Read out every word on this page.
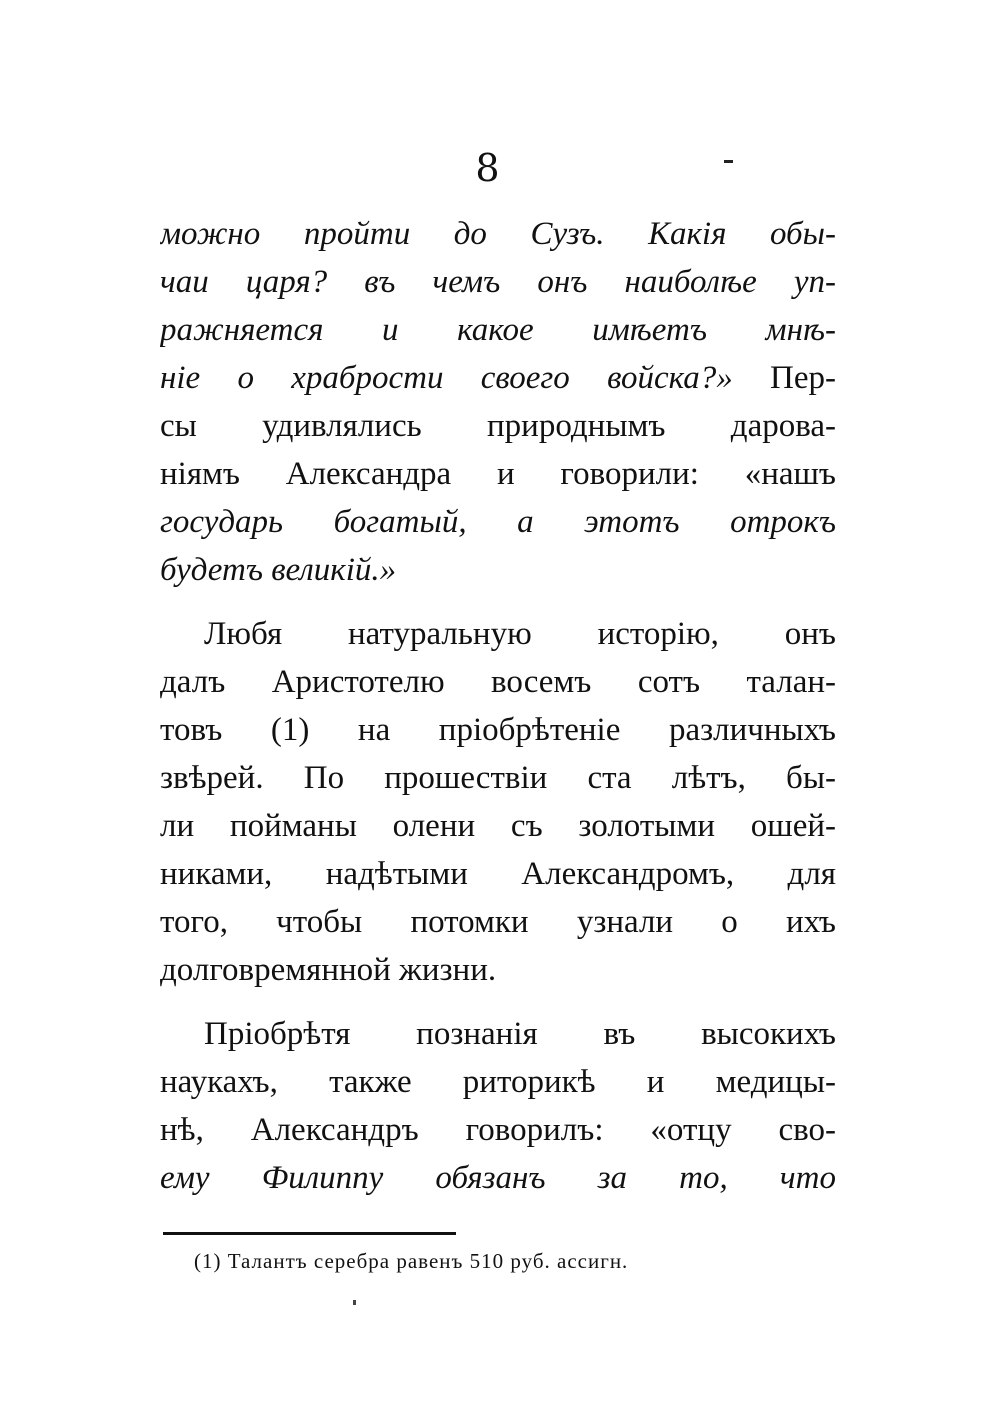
8
можно пройти до Сузъ. Какія обы-
чаи царя? въ чемъ онъ наиболѣе уп-
ражняется и какое имѣетъ мнѣ-
ніе о храбрости своего войска?» Пер-
сы удивлялись природнымъ дарова-
ніямъ Александра и говорили: «нашъ
государь богатый, а этотъ отрокъ
будетъ великій.»
Любя натуральную исторію, онъ
далъ Аристотелю восемъ сотъ талан-
товъ (1) на пріобрѣтеніе различныхъ
звѣрей. По прошествіи ста лѣтъ, бы-
ли пойманы олени съ золотыми ошей-
никами, надѣтыми Александромъ, для
того, чтобы потомки узнали о ихъ
долговремянной жизни.
Пріобрѣтя познанія въ высокихъ
наукахъ, также риторикѣ и медицы-
нѣ, Александръ говорилъ: «отцу сво-
ему Филиппу обязанъ за то, что
(1) Талантъ серебра равенъ 510 руб. ассигн.
